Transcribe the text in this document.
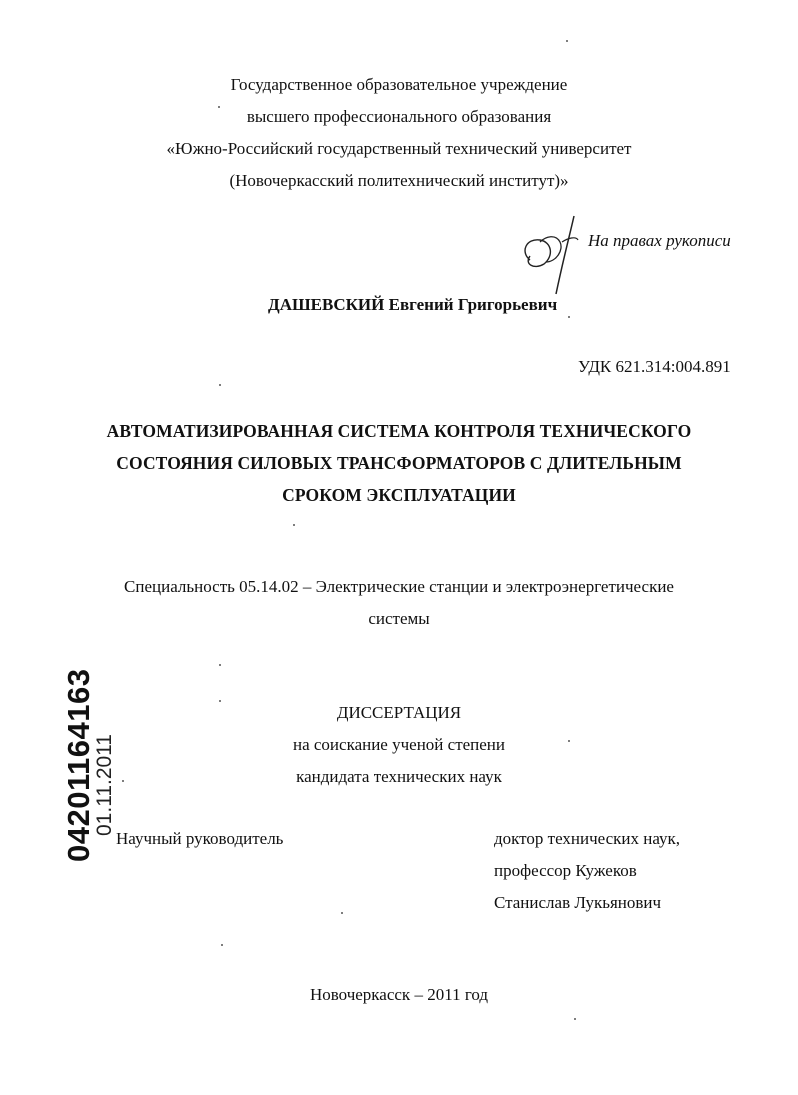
Государственное образовательное учреждение
высшего профессионального образования
«Южно-Российский государственный технический университет
(Новочеркасский политехнический институт)»
На правах рукописи
ДАШЕВСКИЙ Евгений Григорьевич
УДК 621.314:004.891
АВТОМАТИЗИРОВАННАЯ СИСТЕМА КОНТРОЛЯ ТЕХНИЧЕСКОГО
СОСТОЯНИЯ СИЛОВЫХ ТРАНСФОРМАТОРОВ С ДЛИТЕЛЬНЫМ
СРОКОМ ЭКСПЛУАТАЦИИ
Специальность 05.14.02 – Электрические станции и электроэнергетические
системы
ДИССЕРТАЦИЯ
на соискание ученой степени
кандидата технических наук
Научный руководитель	доктор технических наук,
профессор Кужеков
Станислав Лукьянович
Новочеркасск – 2011 год
04201164163
01.11.2011
